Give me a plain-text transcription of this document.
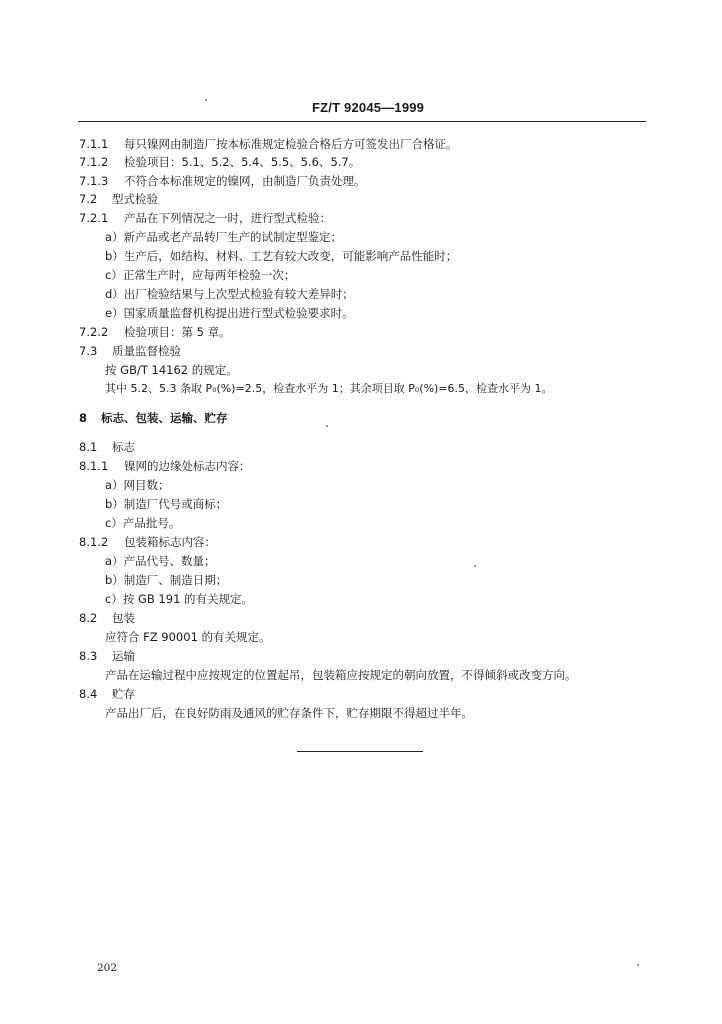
FZ/T 92045—1999
7.1.1 每只镍网由制造厂按本标准规定检验合格后方可签发出厂合格证。
7.1.2 检验项目：5.1、5.2、5.4、5.5、5.6、5.7。
7.1.3 不符合本标准规定的镍网，由制造厂负责处理。
7.2 型式检验
7.2.1 产品在下列情况之一时，进行型式检验：
a）新产品或老产品转厂生产的试制定型鉴定；
b）生产后，如结构、材料、工艺有较大改变，可能影响产品性能时；
c）正常生产时，应每两年检验一次；
d）出厂检验结果与上次型式检验有较大差异时；
e）国家质量监督机构提出进行型式检验要求时。
7.2.2 检验项目：第 5 章。
7.3 质量监督检验
按 GB/T 14162 的规定。
其中 5.2、5.3 条取 P₀(%)=2.5，检查水平为 1；其余项目取 P₀(%)=6.5，检查水平为 1。
8 标志、包装、运输、贮存
8.1 标志
8.1.1 镍网的边缘处标志内容：
a）网目数；
b）制造厂代号或商标；
c）产品批号。
8.1.2 包装箱标志内容：
a）产品代号、数量；
b）制造厂、制造日期；
c）按 GB 191 的有关规定。
8.2 包装
应符合 FZ 90001 的有关规定。
8.3 运输
产品在运输过程中应按规定的位置起吊，包装箱应按规定的朝向放置，不得倾斜或改变方向。
8.4 贮存
产品出厂后，在良好防雨及通风的贮存条件下，贮存期限不得超过半年。
202
